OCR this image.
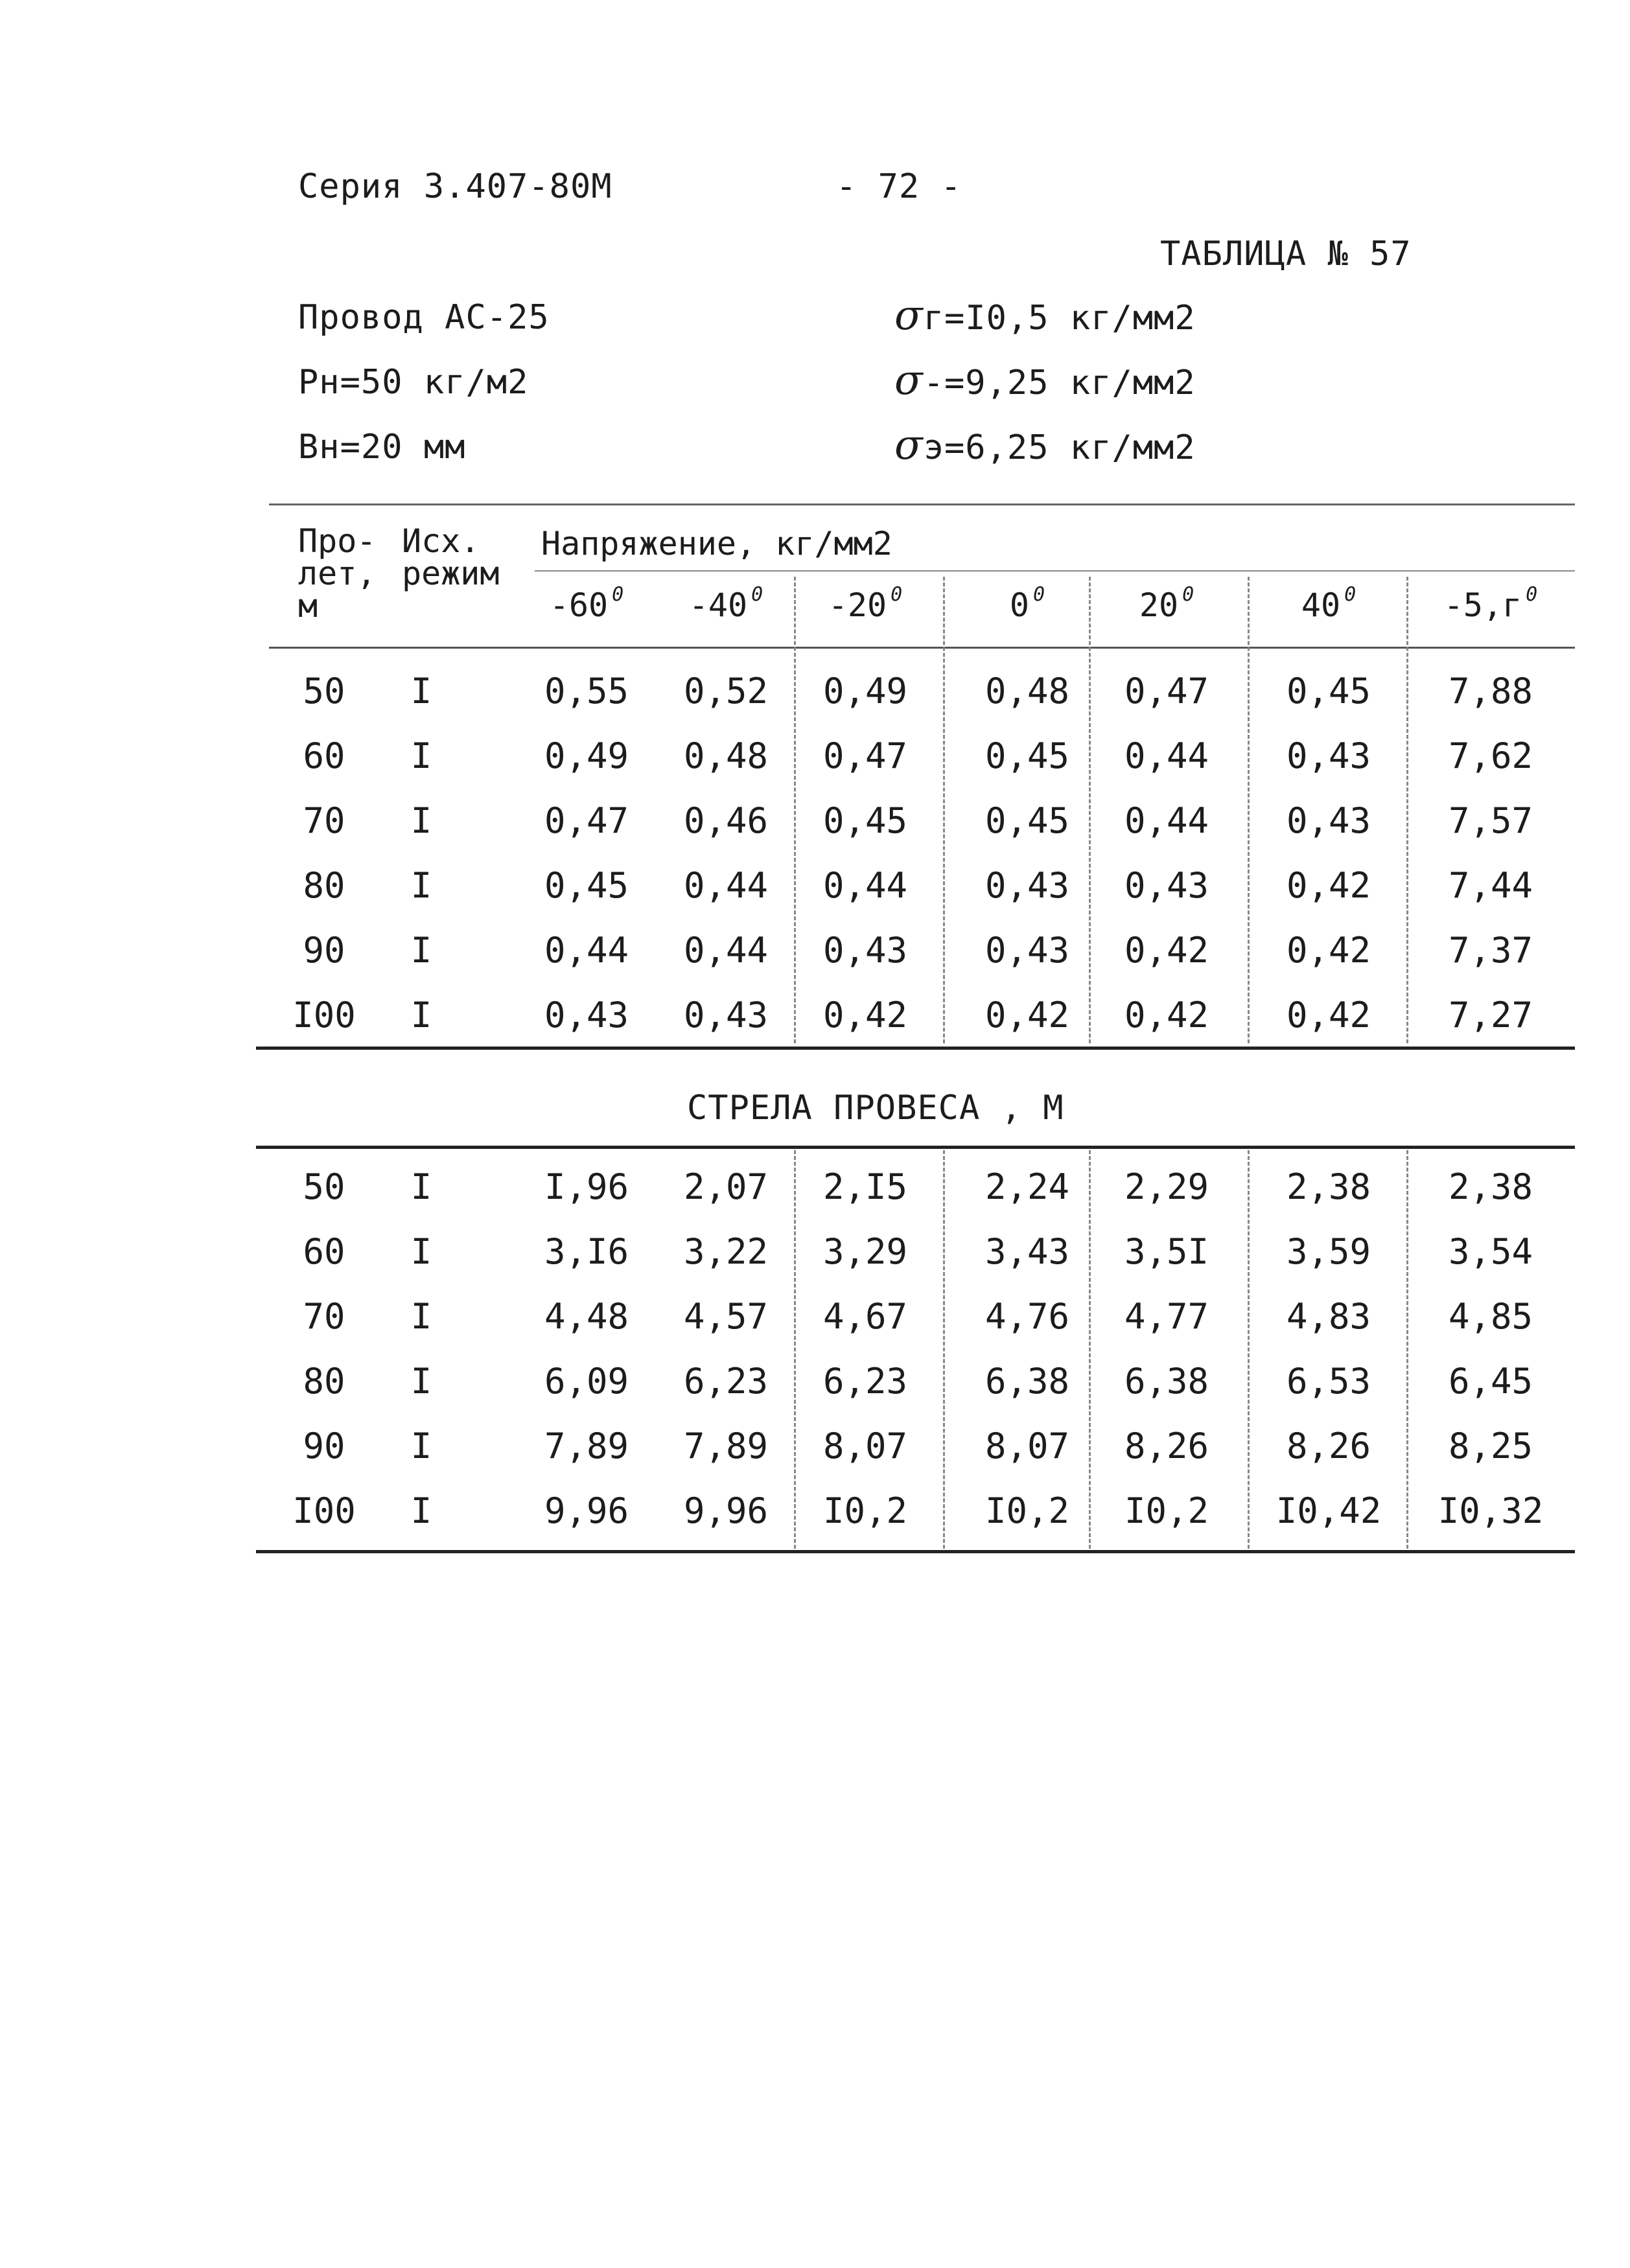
Серия 3.407-80М	- 72 -
ТАБЛИЦА № 57
Провод АС-25
Рн=50 кг/м2
Вн=20 мм
σг=I0,5 кг/мм2
σ-=9,25 кг/мм2
σэ=6,25 кг/мм2
Про-
лет,
м
Исх.
режим
Напряжение, кг/мм2
-60 $^0$	-40 $^0$	-20 $^0$	0 $^0$	20 $^0$	40 $^0$	-5,г $^0$
50	I	0,55	0,52	0,49	0,48	0,47	0,45	7,88
60	I	0,49	0,48	0,47	0,45	0,44	0,43	7,62
70	I	0,47	0,46	0,45	0,45	0,44	0,43	7,57
80	I	0,45	0,44	0,44	0,43	0,43	0,42	7,44
90	I	0,44	0,44	0,43	0,43	0,42	0,42	7,37
I00	I	0,43	0,43	0,42	0,42	0,42	0,42	7,27
СТРЕЛА ПРОВЕСА , М
50	I	I,96	2,07	2,I5	2,24	2,29	2,38	2,38
60	I	3,I6	3,22	3,29	3,43	3,5I	3,59	3,54
70	I	4,48	4,57	4,67	4,76	4,77	4,83	4,85
80	I	6,09	6,23	6,23	6,38	6,38	6,53	6,45
90	I	7,89	7,89	8,07	8,07	8,26	8,26	8,25
I00	I	9,96	9,96	I0,2	I0,2	I0,2	I0,42	I0,32
